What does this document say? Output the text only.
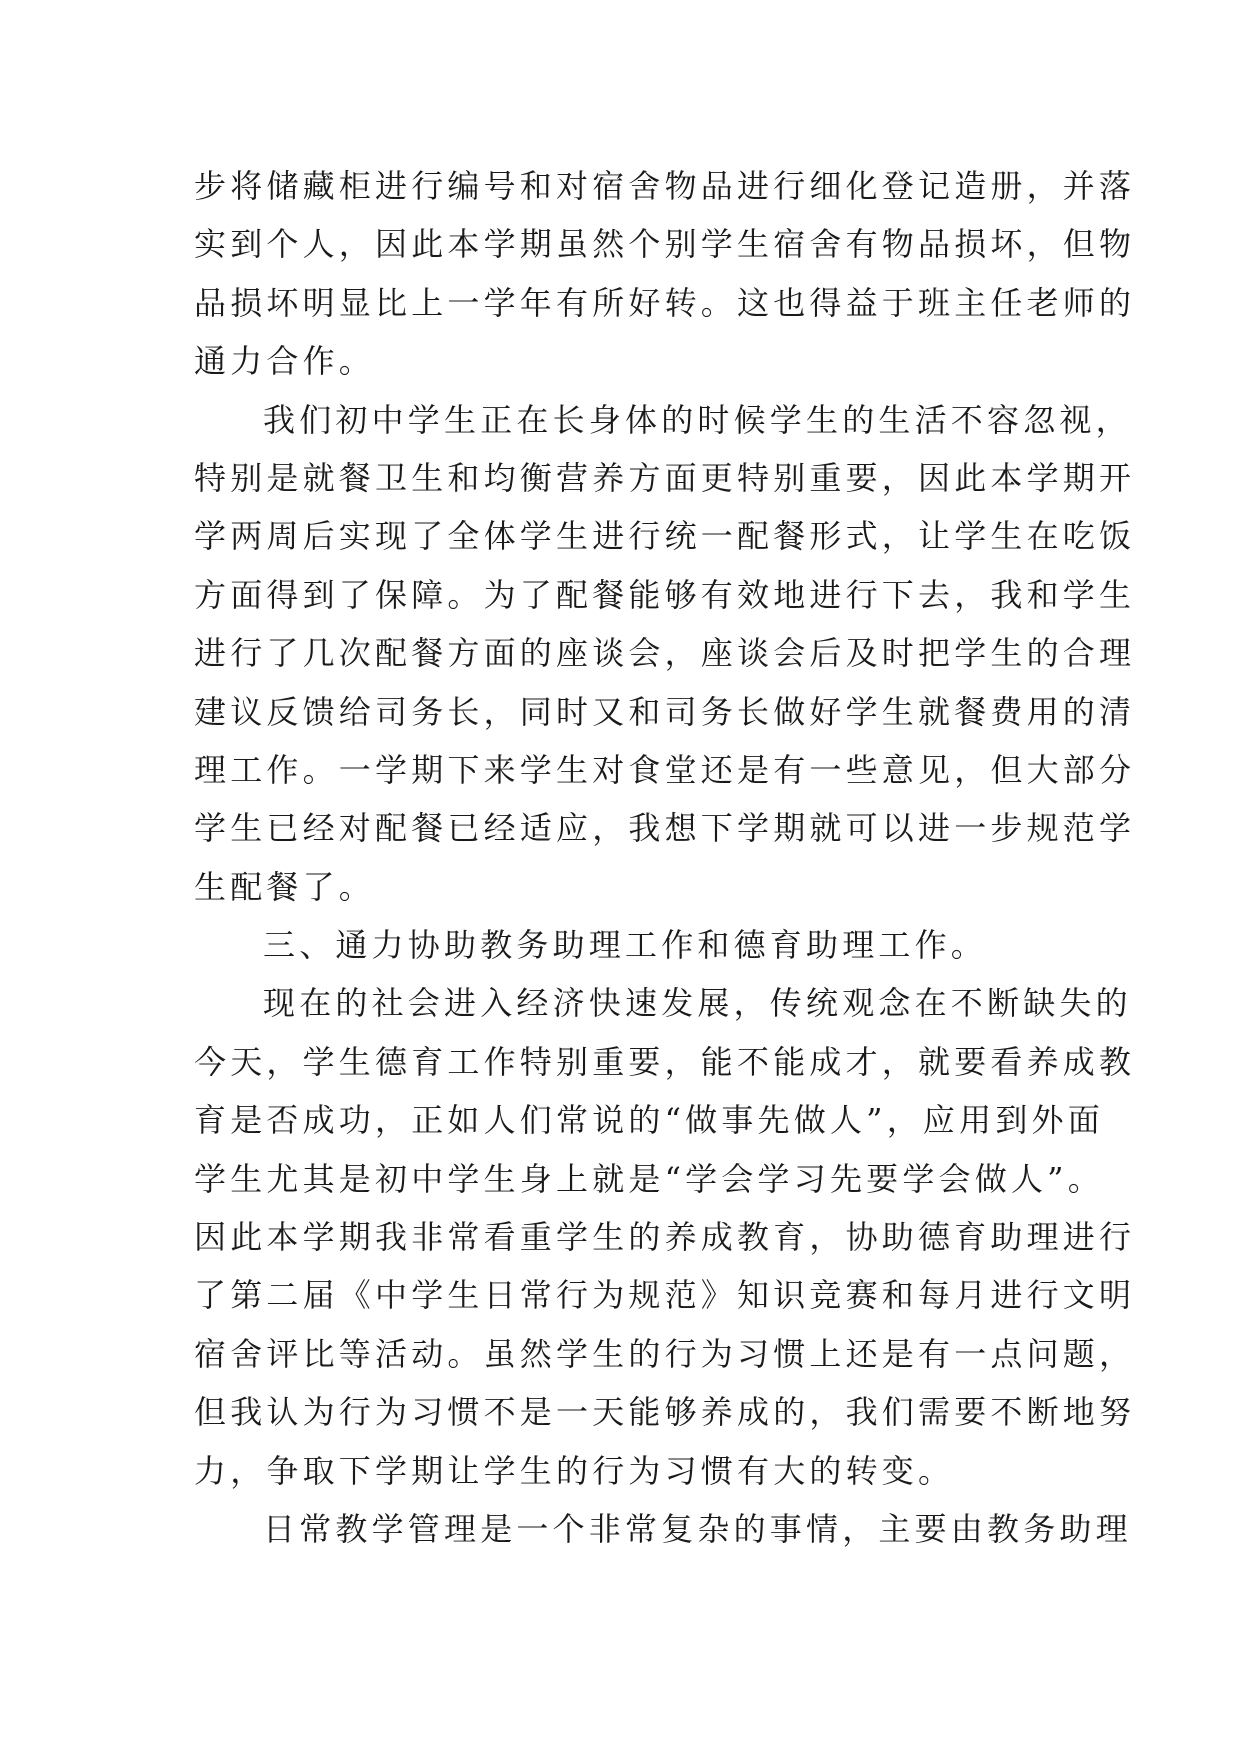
步将储藏柜进行编号和对宿舍物品进行细化登记造册，并落
实到个人，因此本学期虽然个别学生宿舍有物品损坏，但物
品损坏明显比上一学年有所好转。这也得益于班主任老师的
通力合作。
我们初中学生正在长身体的时候学生的生活不容忽视，
特别是就餐卫生和均衡营养方面更特别重要，因此本学期开
学两周后实现了全体学生进行统一配餐形式，让学生在吃饭
方面得到了保障。为了配餐能够有效地进行下去，我和学生
进行了几次配餐方面的座谈会，座谈会后及时把学生的合理
建议反馈给司务长，同时又和司务长做好学生就餐费用的清
理工作。一学期下来学生对食堂还是有一些意见，但大部分
学生已经对配餐已经适应，我想下学期就可以进一步规范学
生配餐了。
三、通力协助教务助理工作和德育助理工作。
现在的社会进入经济快速发展，传统观念在不断缺失的
今天，学生德育工作特别重要，能不能成才，就要看养成教
育是否成功，正如人们常说的“做事先做人”，应用到外面
学生尤其是初中学生身上就是“学会学习先要学会做人”。
因此本学期我非常看重学生的养成教育，协助德育助理进行
了第二届《中学生日常行为规范》知识竞赛和每月进行文明
宿舍评比等活动。虽然学生的行为习惯上还是有一点问题，
但我认为行为习惯不是一天能够养成的，我们需要不断地努
力，争取下学期让学生的行为习惯有大的转变。
日常教学管理是一个非常复杂的事情，主要由教务助理
